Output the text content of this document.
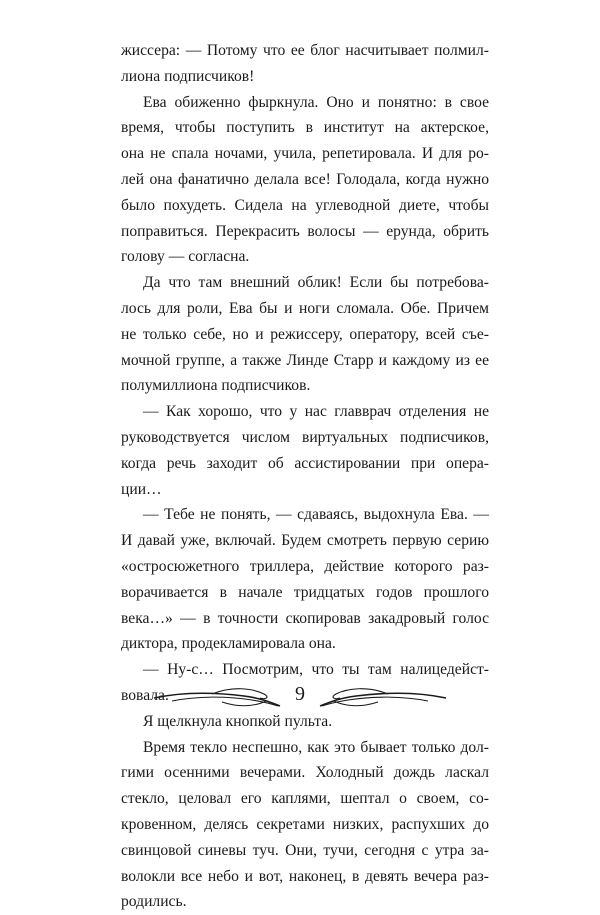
жиссера: — Потому что ее блог насчитывает полмил-
лиона подписчиков!
Ева обиженно фыркнула. Оно и понятно: в свое
время, чтобы поступить в институт на актерское,
она не спала ночами, учила, репетировала. И для ро-
лей она фанатично делала все! Голодала, когда нужно
было похудеть. Сидела на углеводной диете, чтобы
поправиться. Перекрасить волосы — ерунда, обрить
голову — согласна.
Да что там внешний облик! Если бы потребова-
лось для роли, Ева бы и ноги сломала. Обе. Причем
не только себе, но и режиссеру, оператору, всей съе-
мочной группе, а также Линде Старр и каждому из ее
полумиллиона подписчиков.
— Как хорошо, что у нас главврач отделения не
руководствуется числом виртуальных подписчиков,
когда речь заходит об ассистировании при опера-
ции…
— Тебе не понять, — сдаваясь, выдохнула Ева. —
И давай уже, включай. Будем смотреть первую серию
«остросюжетного триллера, действие которого раз-
ворачивается в начале тридцатых годов прошлого
века…» — в точности скопировав закадровый голос
диктора, продекламировала она.
— Ну-с… Посмотрим, что ты там налицедейст-
вовала.
Я щелкнула кнопкой пульта.
Время текло неспешно, как это бывает только дол-
гими осенними вечерами. Холодный дождь ласкал
стекло, целовал его каплями, шептал о своем, со-
кровенном, делясь секретами низких, распухших до
свинцовой синевы туч. Они, тучи, сегодня с утра за-
волокли все небо и вот, наконец, в девять вечера раз-
родились.
9
